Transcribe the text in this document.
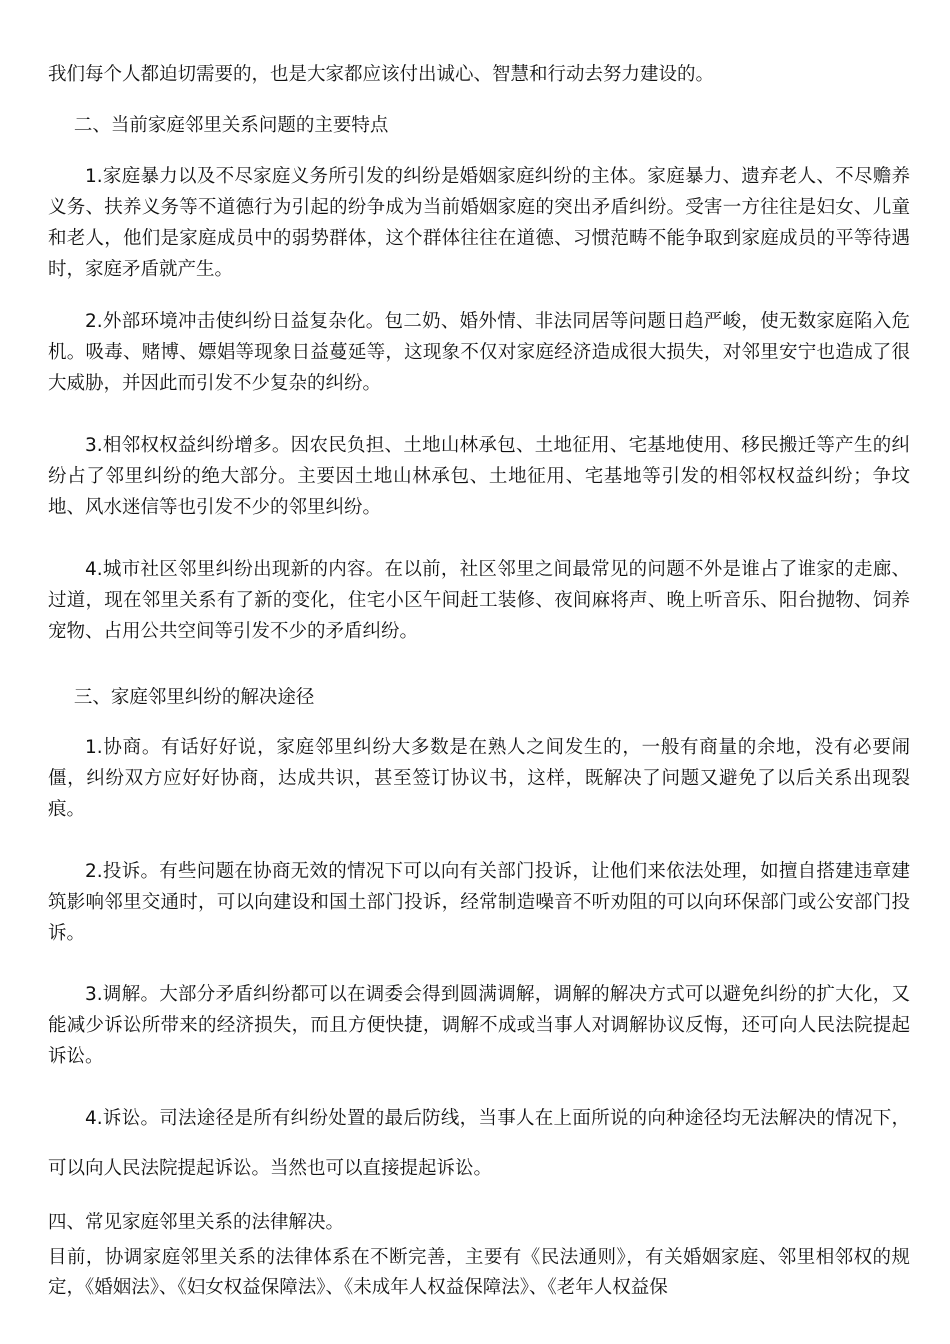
我们每个人都迫切需要的，也是大家都应该付出诚心、智慧和行动去努力建设的。

二、当前家庭邻里关系问题的主要特点

1.家庭暴力以及不尽家庭义务所引发的纠纷是婚姻家庭纠纷的主体。家庭暴力、遗弃老人、不尽赡养义务、扶养义务等不道德行为引起的纷争成为当前婚姻家庭的突出矛盾纠纷。受害一方往往是妇女、儿童和老人，他们是家庭成员中的弱势群体，这个群体往往在道德、习惯范畴不能争取到家庭成员的平等待遇时，家庭矛盾就产生。

2.外部环境冲击使纠纷日益复杂化。包二奶、婚外情、非法同居等问题日趋严峻，使无数家庭陷入危机。吸毒、赌博、嫖娼等现象日益蔓延等，这现象不仅对家庭经济造成很大损失，对邻里安宁也造成了很大威胁，并因此而引发不少复杂的纠纷。

3.相邻权权益纠纷增多。因农民负担、土地山林承包、土地征用、宅基地使用、移民搬迁等产生的纠纷占了邻里纠纷的绝大部分。主要因土地山林承包、土地征用、宅基地等引发的相邻权权益纠纷；争坟地、风水迷信等也引发不少的邻里纠纷。

4.城市社区邻里纠纷出现新的内容。在以前，社区邻里之间最常见的问题不外是谁占了谁家的走廊、过道，现在邻里关系有了新的变化，住宅小区午间赶工装修、夜间麻将声、晚上听音乐、阳台抛物、饲养宠物、占用公共空间等引发不少的矛盾纠纷。

三、家庭邻里纠纷的解决途径

1.协商。有话好好说，家庭邻里纠纷大多数是在熟人之间发生的，一般有商量的余地，没有必要闹僵，纠纷双方应好好协商，达成共识，甚至签订协议书，这样，既解决了问题又避免了以后关系出现裂痕。

2.投诉。有些问题在协商无效的情况下可以向有关部门投诉，让他们来依法处理，如擅自搭建违章建筑影响邻里交通时，可以向建设和国土部门投诉，经常制造噪音不听劝阻的可以向环保部门或公安部门投诉。

3.调解。大部分矛盾纠纷都可以在调委会得到圆满调解，调解的解决方式可以避免纠纷的扩大化，又能减少诉讼所带来的经济损失，而且方便快捷，调解不成或当事人对调解协议反悔，还可向人民法院提起诉讼。

4.诉讼。司法途径是所有纠纷处置的最后防线，当事人在上面所说的向种途径均无法解决的情况下，可以向人民法院提起诉讼。当然也可以直接提起诉讼。

四、常见家庭邻里关系的法律解决。

目前，协调家庭邻里关系的法律体系在不断完善，主要有《民法通则》，有关婚姻家庭、邻里相邻权的规定，《婚姻法》、《妇女权益保障法》、《未成年人权益保障法》、《老年人权益保
